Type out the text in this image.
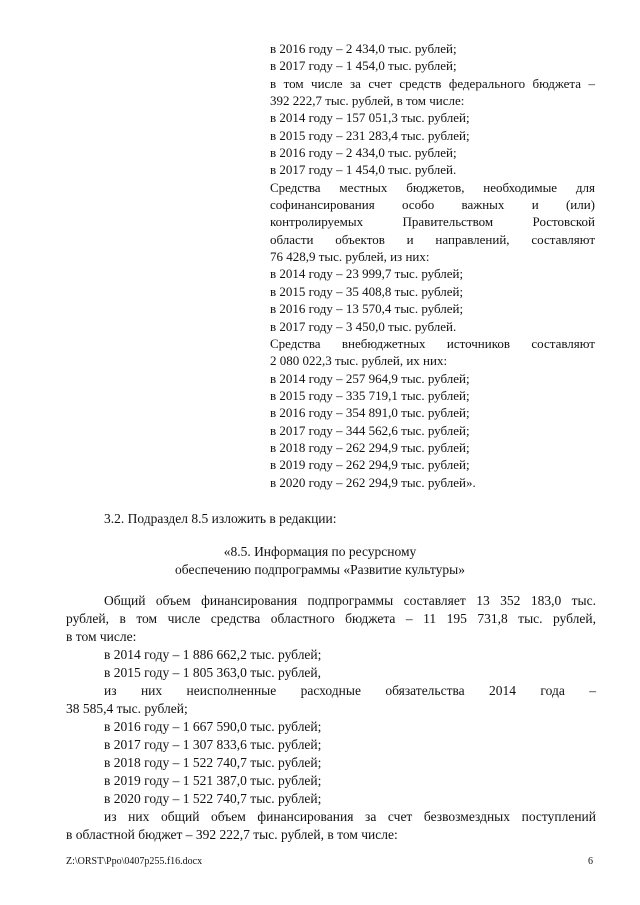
в 2016 году – 2 434,0 тыс. рублей;
в 2017 году – 1 454,0 тыс. рублей;
в том числе за счет средств федерального бюджета –
392 222,7 тыс. рублей, в том числе:
в 2014 году – 157 051,3 тыс. рублей;
в 2015 году – 231 283,4 тыс. рублей;
в 2016 году – 2 434,0 тыс. рублей;
в 2017 году – 1 454,0 тыс. рублей.
Средства местных бюджетов, необходимые для
софинансирования особо важных и (или)
контролируемых Правительством Ростовской
области объектов и направлений, составляют
76 428,9 тыс. рублей, из них:
в 2014 году – 23 999,7 тыс. рублей;
в 2015 году – 35 408,8 тыс. рублей;
в 2016 году – 13 570,4 тыс. рублей;
в 2017 году – 3 450,0 тыс. рублей.
Средства внебюджетных источников составляют
2 080 022,3 тыс. рублей, их них:
в 2014 году – 257 964,9 тыс. рублей;
в 2015 году – 335 719,1 тыс. рублей;
в 2016 году – 354 891,0 тыс. рублей;
в 2017 году – 344 562,6 тыс. рублей;
в 2018 году – 262 294,9 тыс. рублей;
в 2019 году – 262 294,9 тыс. рублей;
в 2020 году – 262 294,9 тыс. рублей».
3.2. Подраздел 8.5 изложить в редакции:
«8.5. Информация по ресурсному
обеспечению подпрограммы «Развитие культуры»
Общий объем финансирования подпрограммы составляет 13 352 183,0 тыс.
рублей, в том числе средства областного бюджета – 11 195 731,8 тыс. рублей,
в том числе:
в 2014 году – 1 886 662,2 тыс. рублей;
в 2015 году – 1 805 363,0 тыс. рублей,
из них неисполненные расходные обязательства 2014 года –
38 585,4 тыс. рублей;
в 2016 году – 1 667 590,0 тыс. рублей;
в 2017 году – 1 307 833,6 тыс. рублей;
в 2018 году – 1 522 740,7 тыс. рублей;
в 2019 году – 1 521 387,0 тыс. рублей;
в 2020 году – 1 522 740,7 тыс. рублей;
из них общий объем финансирования за счет безвозмездных поступлений
в областной бюджет – 392 222,7 тыс. рублей, в том числе:
Z:\ORST\Ppo\0407p255.f16.docx	6
